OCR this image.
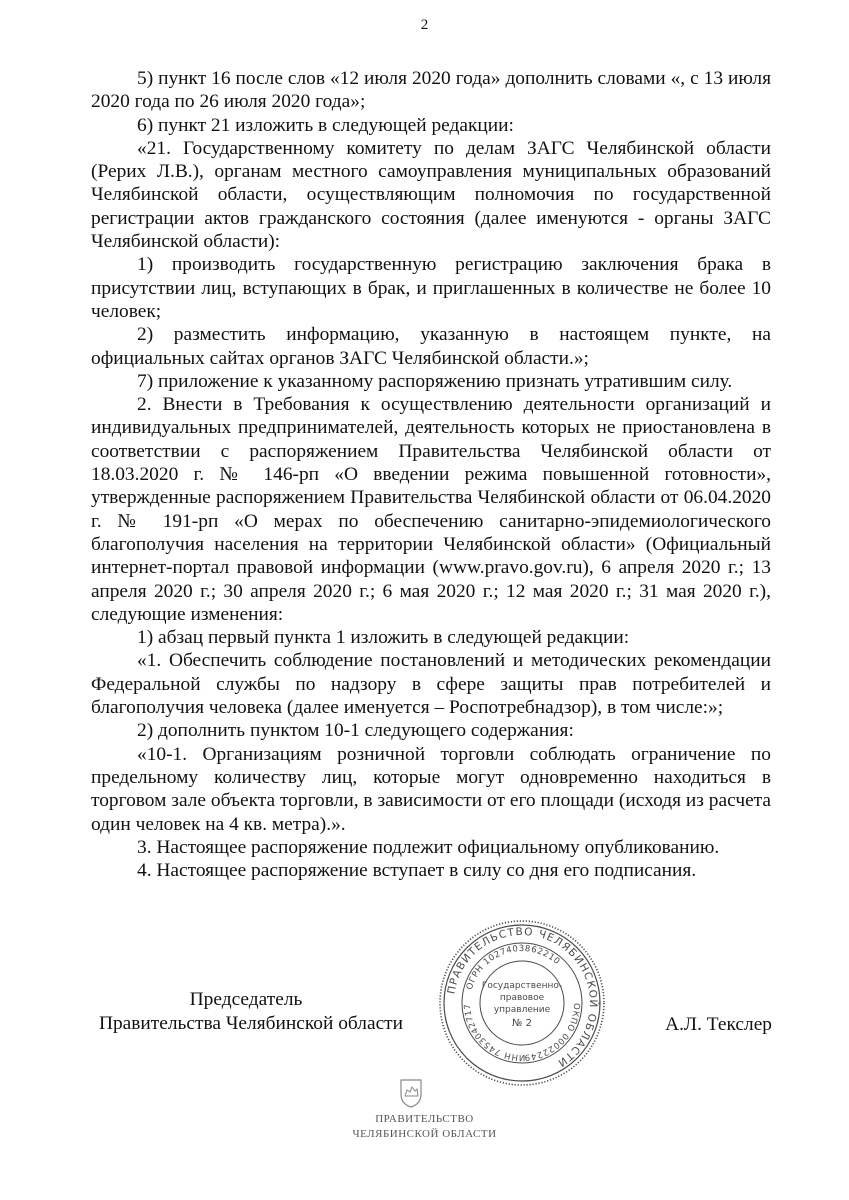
2

5) пункт 16 после слов «12 июля 2020 года» дополнить словами «, с 13 июля 2020 года по 26 июля 2020 года»;

6) пункт 21 изложить в следующей редакции:

«21. Государственному комитету по делам ЗАГС Челябинской области (Рерих Л.В.), органам местного самоуправления муниципальных образований Челябинской области, осуществляющим полномочия по государственной регистрации актов гражданского состояния (далее именуются - органы ЗАГС Челябинской области):

1) производить государственную регистрацию заключения брака в присутствии лиц, вступающих в брак, и приглашенных в количестве не более 10 человек;

2) разместить информацию, указанную в настоящем пункте, на официальных сайтах органов ЗАГС Челябинской области.»;

7) приложение к указанному распоряжению признать утратившим силу.

2. Внести в Требования к осуществлению деятельности организаций и индивидуальных предпринимателей, деятельность которых не приостановлена в соответствии с распоряжением Правительства Челябинской области от 18.03.2020 г. № 146-рп «О введении режима повышенной готовности», утвержденные распоряжением Правительства Челябинской области от 06.04.2020 г. № 191-рп «О мерах по обеспечению санитарно-эпидемиологического благополучия населения на территории Челябинской области» (Официальный интернет-портал правовой информации (www.pravo.gov.ru), 6 апреля 2020 г.; 13 апреля 2020 г.; 30 апреля 2020 г.; 6 мая 2020 г.; 12 мая 2020 г.; 31 мая 2020 г.), следующие изменения:

1) абзац первый пункта 1 изложить в следующей редакции:

«1. Обеспечить соблюдение постановлений и методических рекомендации Федеральной службы по надзору в сфере защиты прав потребителей и благополучия человека (далее именуется – Роспотребнадзор), в том числе:»;

2) дополнить пунктом 10-1 следующего содержания:

«10-1. Организациям розничной торговли соблюдать ограничение по предельному количеству лиц, которые могут одновременно находиться в торговом зале объекта торговли, в зависимости от его площади (исходя из расчета один человек на 4 кв. метра).».

3. Настоящее распоряжение подлежит официальному опубликованию.

4. Настоящее распоряжение вступает в силу со дня его подписания.

Председатель
Правительства Челябинской области	А.Л. Текслер
ПРАВИТЕЛЬСТВО ЧЕЛЯБИНСКОЙ ОБЛАСТИ
ОГРН 1027403862210
ОКПО 00022249
ИНН 7453042717
Государственно-
правовое
управление
№ 2
ПРАВИТЕЛЬСТВО
ЧЕЛЯБИНСКОЙ ОБЛАСТИ
